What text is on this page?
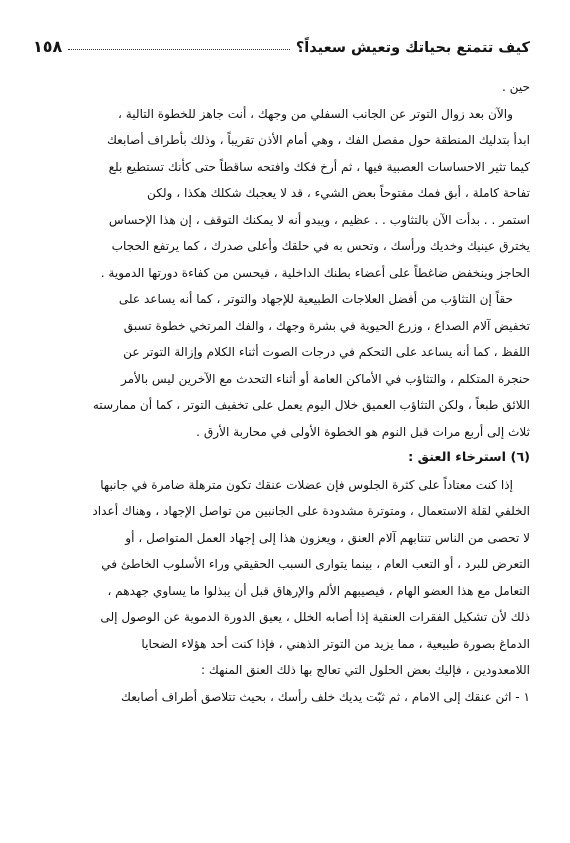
كيف تتمتع بحياتك وتعيش سعيداً؟
١٥٨
حين .
والآن بعد زوال التوتر عن الجانب السفلي من وجهك ، أنت جاهز للخطوة التالية ،
ابدأ بتدليك المنطقة حول مفصل الفك ، وهي أمام الأذن تقريباً ، وذلك بأطراف أصابعك
كيما تثير الاحساسات العصبية فيها ، ثم أرخ فكك وافتحه ساقطاً حتى كأنك تستطيع بلع
تفاحة كاملة ، أبق فمك مفتوحاً بعض الشيء ، قد لا يعجبك شكلك هكذا ، ولكن
استمر . . بدأت الآن بالتثاوب . . عظيم ، ويبدو أنه لا يمكنك التوقف ، إن هذا الإحساس
يخترق عينيك وخديك ورأسك ، وتحس به في حلقك وأعلى صدرك ، كما يرتفع الحجاب
الحاجز وينخفض ضاغطاً على أعضاء بطنك الداخلية ، فيحسن من كفاءة دورتها الدموية .
حقاً إن التثاؤب من أفضل العلاجات الطبيعية للإجهاد والتوتر ، كما أنه يساعد على
تخفيض آلام الصداع ، وزرع الحيوية في بشرة وجهك ، والفك المرتخي خطوة تسبق
اللفظ ، كما أنه يساعد على التحكم في درجات الصوت أثناء الكلام وإزالة التوتر عن
حنجرة المتكلم ، والتثاؤب في الأماكن العامة أو أثناء التحدث مع الآخرين ليس بالأمر
اللائق طبعاً ، ولكن التثاؤب العميق خلال اليوم يعمل على تخفيف التوتر ، كما أن ممارسته
ثلاث إلى أربع مرات قبل النوم هو الخطوة الأولى في محاربة الأرق .
(٦) استرخاء العنق :
إذا كنت معتاداً على كثرة الجلوس فإن عضلات عنقك تكون مترهلة ضامرة في جانبها
الخلفي لقلة الاستعمال ، ومتوترة مشدودة على الجانبين من تواصل الإجهاد ، وهناك أعداد
لا تحصى من الناس تنتابهم آلام العنق ، ويعزون هذا إلى إجهاد العمل المتواصل ، أو
التعرض للبرد ، أو التعب العام ، بينما يتوارى السبب الحقيقي وراء الأسلوب الخاطئ في
التعامل مع هذا العضو الهام ، فيصيبهم الألم والإرهاق قبل أن يبذلوا ما يساوي جهدهم ،
ذلك لأن تشكيل الفقرات العنقية إذا أصابه الخلل ، يعيق الدورة الدموية عن الوصول إلى
الدماغ بصورة طبيعية ، مما يزيد من التوتر الذهني ، فإذا كنت أحد هؤلاء الضحايا
اللامعدودين ، فإليك بعض الحلول التي تعالج بها ذلك العنق المنهك :
١ - اثن عنقك إلى الامام ، ثم ثبّت يديك خلف رأسك ، بحيث تتلاصق أطراف أصابعك
